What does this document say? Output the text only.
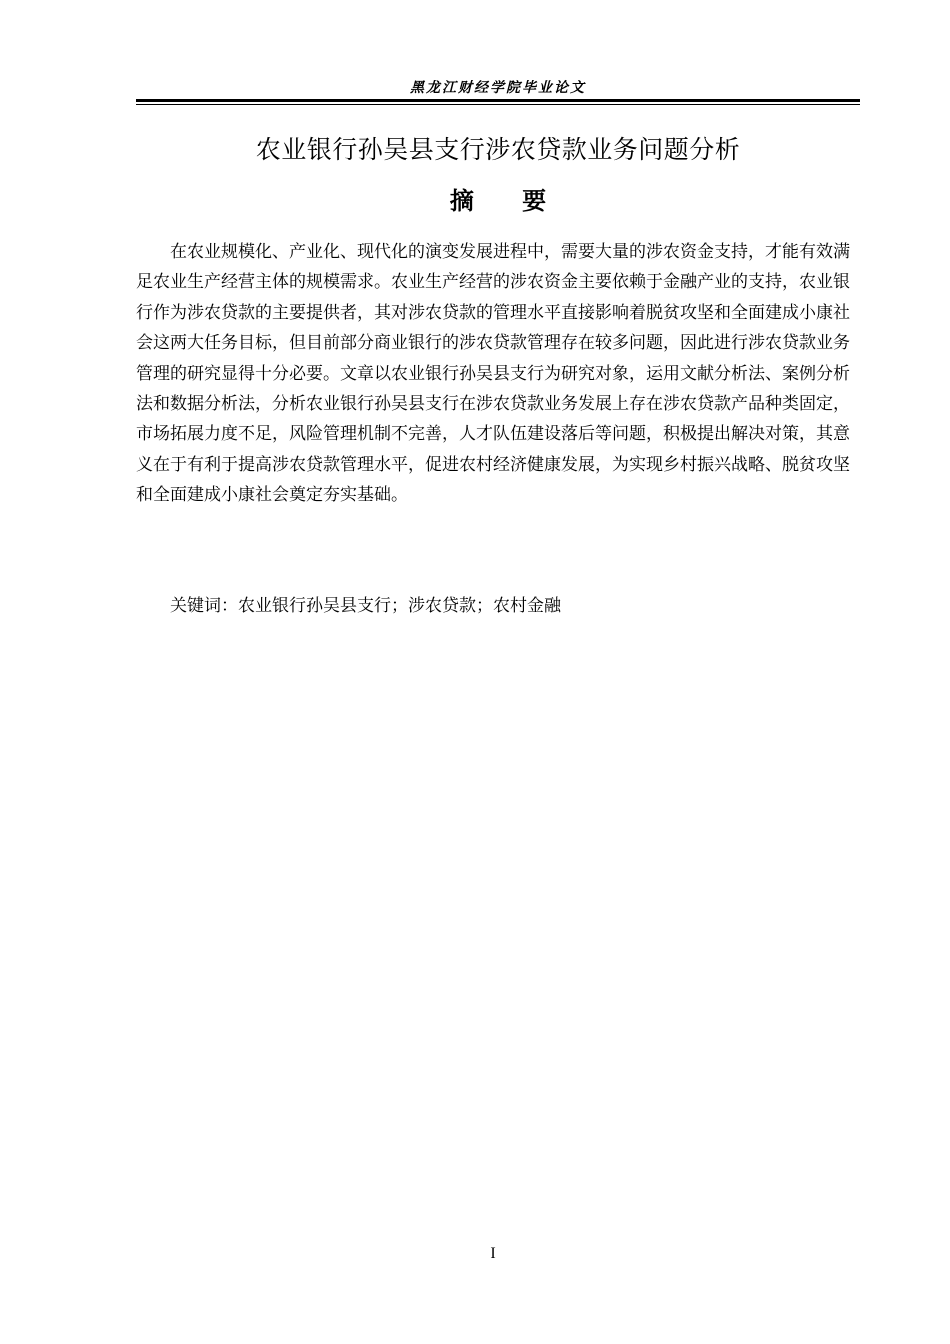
黑龙江财经学院毕业论文
农业银行孙吴县支行涉农贷款业务问题分析
摘 要

在农业规模化、产业化、现代化的演变发展进程中，需要大量的涉农资金支持，才能有效满足农业生产经营主体的规模需求。农业生产经营的涉农资金主要依赖于金融产业的支持，农业银行作为涉农贷款的主要提供者，其对涉农贷款的管理水平直接影响着脱贫攻坚和全面建成小康社会这两大任务目标，但目前部分商业银行的涉农贷款管理存在较多问题，因此进行涉农贷款业务管理的研究显得十分必要。文章以农业银行孙吴县支行为研究对象，运用文献分析法、案例分析法和数据分析法，分析农业银行孙吴县支行在涉农贷款业务发展上存在涉农贷款产品种类固定，市场拓展力度不足，风险管理机制不完善，人才队伍建设落后等问题，积极提出解决对策，其意义在于有利于提高涉农贷款管理水平，促进农村经济健康发展，为实现乡村振兴战略、脱贫攻坚和全面建成小康社会奠定夯实基础。

关键词：农业银行孙吴县支行；涉农贷款；农村金融
I
